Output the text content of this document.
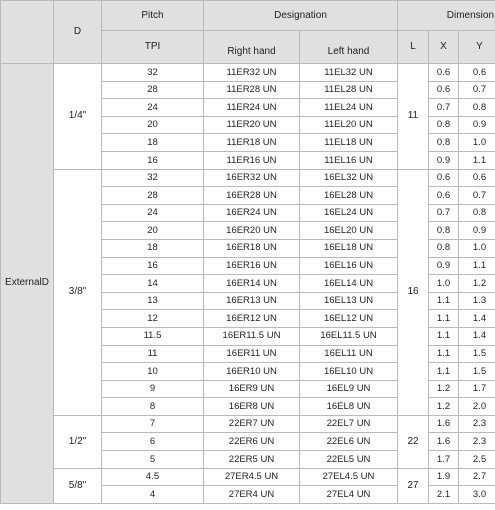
	D	Pitch	Designation		Dimension		
		TPI	Right hand	Left hand	L	X	Y
ExternalD	1/4"	32	11ER32 UN	11EL32 UN	11	0.6	0.6
		28	11ER28 UN	11EL28 UN		0.6	0.7
		24	11ER24 UN	11EL24 UN		0.7	0.8
		20	11ER20 UN	11EL20 UN		0.8	0.9
		18	11ER18 UN	11EL18 UN		0.8	1.0
		16	11ER16 UN	11EL16 UN		0.9	1.1
	3/8"	32	16ER32 UN	16EL32 UN	16	0.6	0.6
		28	16ER28 UN	16EL28 UN		0.6	0.7
		24	16ER24 UN	16EL24 UN		0.7	0.8
		20	16ER20 UN	16EL20 UN		0.8	0.9
		18	16ER18 UN	16EL18 UN		0.8	1.0
		16	16ER16 UN	16EL16 UN		0.9	1.1
		14	16ER14 UN	16EL14 UN		1.0	1.2
		13	16ER13 UN	16EL13 UN		1.1	1.3
		12	16ER12 UN	16EL12 UN		1.1	1.4
		11.5	16ER11.5 UN	16EL11.5 UN		1.1	1.4
		11	16ER11 UN	16EL11 UN		1.1	1.5
		10	16ER10 UN	16EL10 UN		1.1	1.5
		9	16ER9 UN	16EL9 UN		1.2	1.7
		8	16ER8 UN	16EL8 UN		1.2	2.0
	1/2"	7	22ER7 UN	22EL7 UN	22	1.6	2.3
		6	22ER6 UN	22EL6 UN		1.6	2.3
		5	22ER5 UN	22EL5 UN		1.7	2.5
	5/8"	4.5	27ER4.5 UN	27EL4.5 UN	27	1.9	2.7
		4	27ER4 UN	27EL4 UN		2.1	3.0
